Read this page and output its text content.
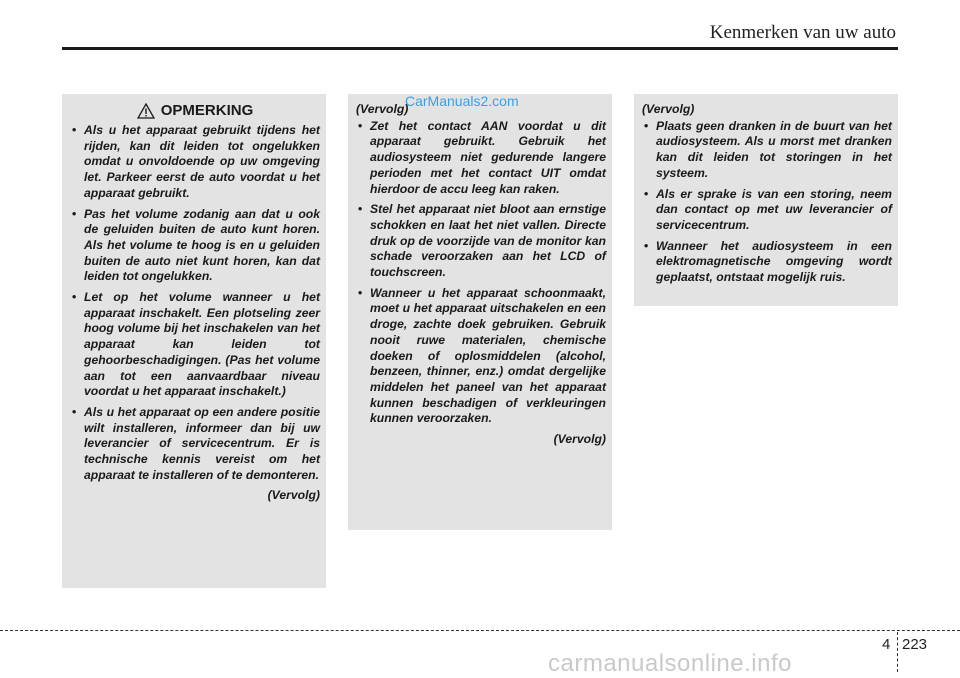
Kenmerken van uw auto
OPMERKING
• Als u het apparaat gebruikt tijdens het rijden, kan dit leiden tot ongelukken omdat u onvoldoende op uw omgeving let. Parkeer eerst de auto voordat u het apparaat gebruikt.
• Pas het volume zodanig aan dat u ook de geluiden buiten de auto kunt horen. Als het volume te hoog is en u geluiden buiten de auto niet kunt horen, kan dat leiden tot ongelukken.
• Let op het volume wanneer u het apparaat inschakelt. Een plotseling zeer hoog volume bij het inschakelen van het apparaat kan leiden tot gehoorbeschadigingen. (Pas het volume aan tot een aanvaardbaar niveau voordat u het apparaat inschakelt.)
• Als u het apparaat op een andere positie wilt installeren, informeer dan bij uw leverancier of servicecentrum. Er is technische kennis vereist om het apparaat te installeren of te demonteren.
(Vervolg)
(Vervolg)
• Zet het contact AAN voordat u dit apparaat gebruikt. Gebruik het audiosysteem niet gedurende langere perioden met het contact UIT omdat hierdoor de accu leeg kan raken.
• Stel het apparaat niet bloot aan ernstige schokken en laat het niet vallen. Directe druk op de voorzijde van de monitor kan schade veroorzaken aan het LCD of touchscreen.
• Wanneer u het apparaat schoonmaakt, moet u het apparaat uitschakelen en een droge, zachte doek gebruiken. Gebruik nooit ruwe materialen, chemische doeken of oplosmiddelen (alcohol, benzeen, thinner, enz.) omdat dergelijke middelen het paneel van het apparaat kunnen beschadigen of verkleuringen kunnen veroorzaken.
(Vervolg)
(Vervolg)
• Plaats geen dranken in de buurt van het audiosysteem. Als u morst met dranken kan dit leiden tot storingen in het systeem.
• Als er sprake is van een storing, neem dan contact op met uw leverancier of servicecentrum.
• Wanneer het audiosysteem in een elektromagnetische omgeving wordt geplaatst, ontstaat mogelijk ruis.
CarManuals2.com
4 223
carmanualsonline.info
